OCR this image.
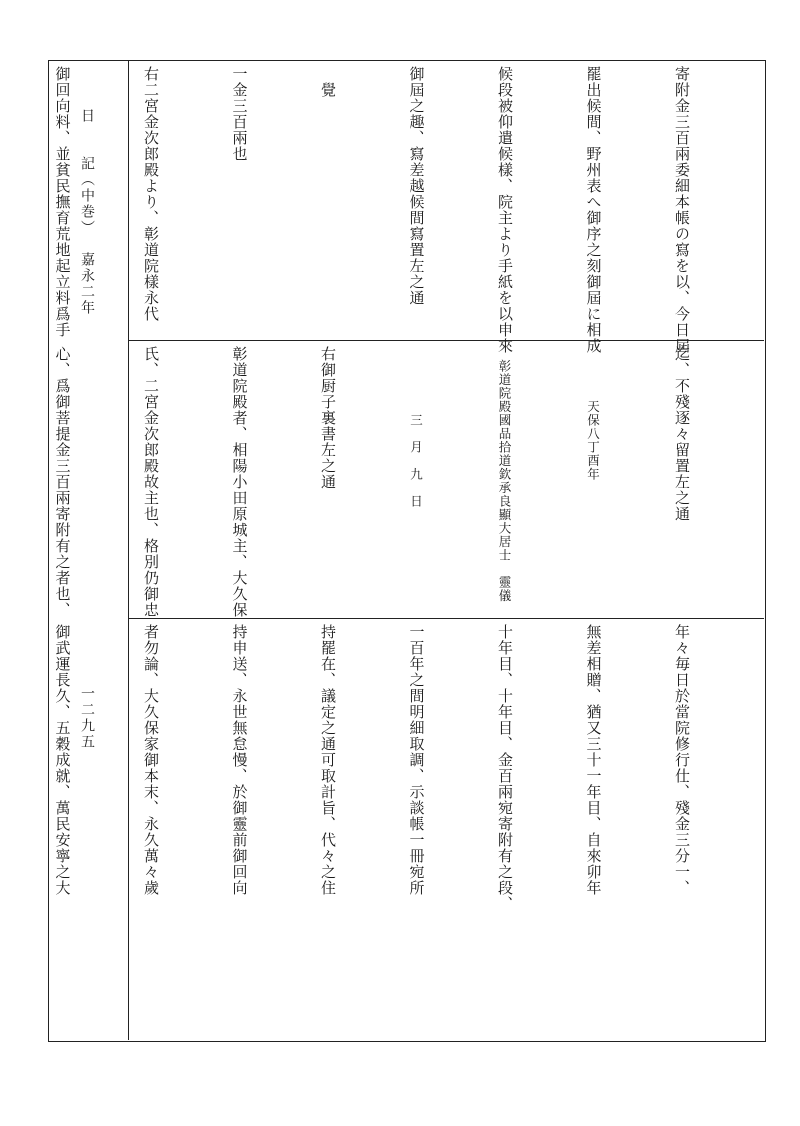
日　　記（中巻）
嘉永二年
一二九五

寄附金三百兩委細本帳の寫を以、今日屆

罷出候間、野州表へ御序之刻御屆に相成

候段被仰遣候樣、院主より手紙を以申來

御屆之趣、寫差越候間寫置左之通

　覺

一金三百兩也

右二宮金次郎殿より、彰道院樣永代

御回向料、並貧民撫育荒地起立料爲手

迄、不殘逐々留置左之通

　　　　天保八丁酉年

　彰道院殿國品拾道欽承良顯大居士　靈儀

　　　　　三　月　九　日

右御厨子裏書左之通

彰道院殿者、相陽小田原城主、大久保

氏、二宮金次郎殿故主也、格別仍御忠

心、爲御菩提金三百兩寄附有之者也、

年々毎日於當院修行仕、殘金三分一、

無差相贈、猶又三十一年目、自來卯年

十年目、十年目、金百兩宛寄附有之段、

一百年之間明細取調、示談帳一冊宛所

持罷在、議定之通可取計旨、代々之住

持申送、永世無怠慢、於御靈前御回向

者勿論、大久保家御本末、永久萬々歲

御武運長久、五穀成就、萬民安寧之大
